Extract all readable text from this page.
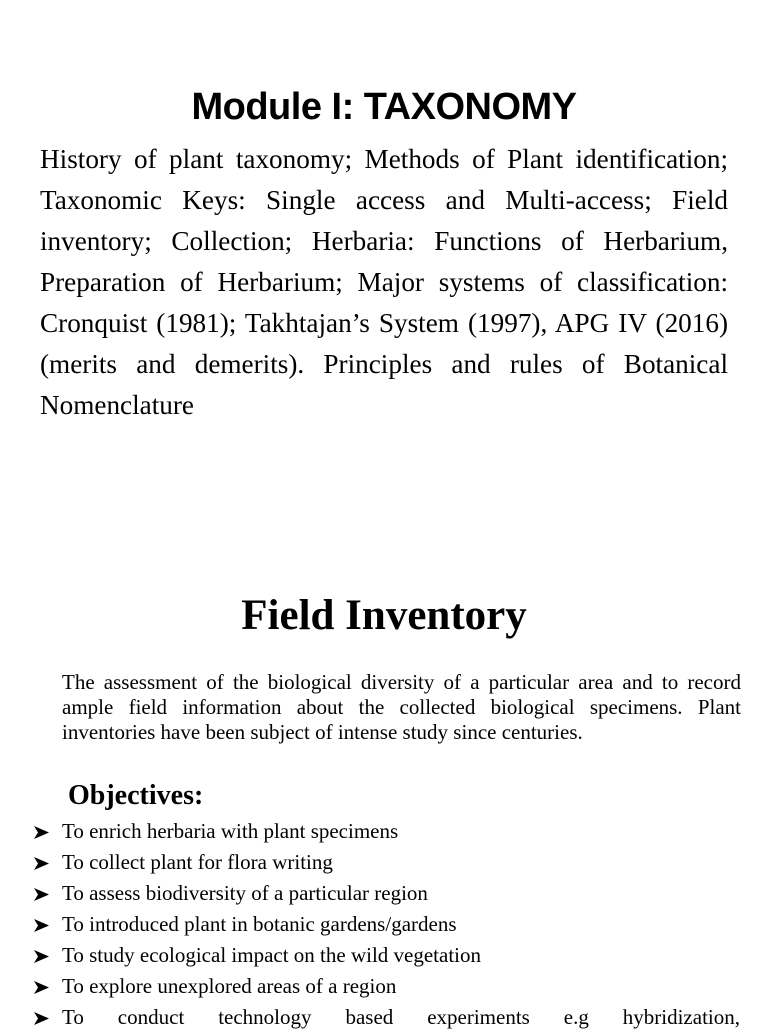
Module I: TAXONOMY

History of plant taxonomy; Methods of Plant identification; Taxonomic Keys: Single access and Multi-access; Field inventory; Collection; Herbaria: Functions of Herbarium, Preparation of Herbarium; Major systems of classification: Cronquist (1981); Takhtajan’s System (1997), APG IV (2016) (merits and demerits). Principles and rules of Botanical Nomenclature

Field Inventory

The assessment of the biological diversity of a particular area and to record ample field information about the collected biological specimens. Plant inventories have been subject of intense study since centuries.

Objectives:
To enrich herbaria with plant specimens
To collect plant for flora writing
To assess biodiversity of a particular region
To introduced plant in botanic gardens/gardens
To study ecological impact on the wild vegetation
To explore unexplored areas of a region
To conduct technology based experiments e.g hybridization,
